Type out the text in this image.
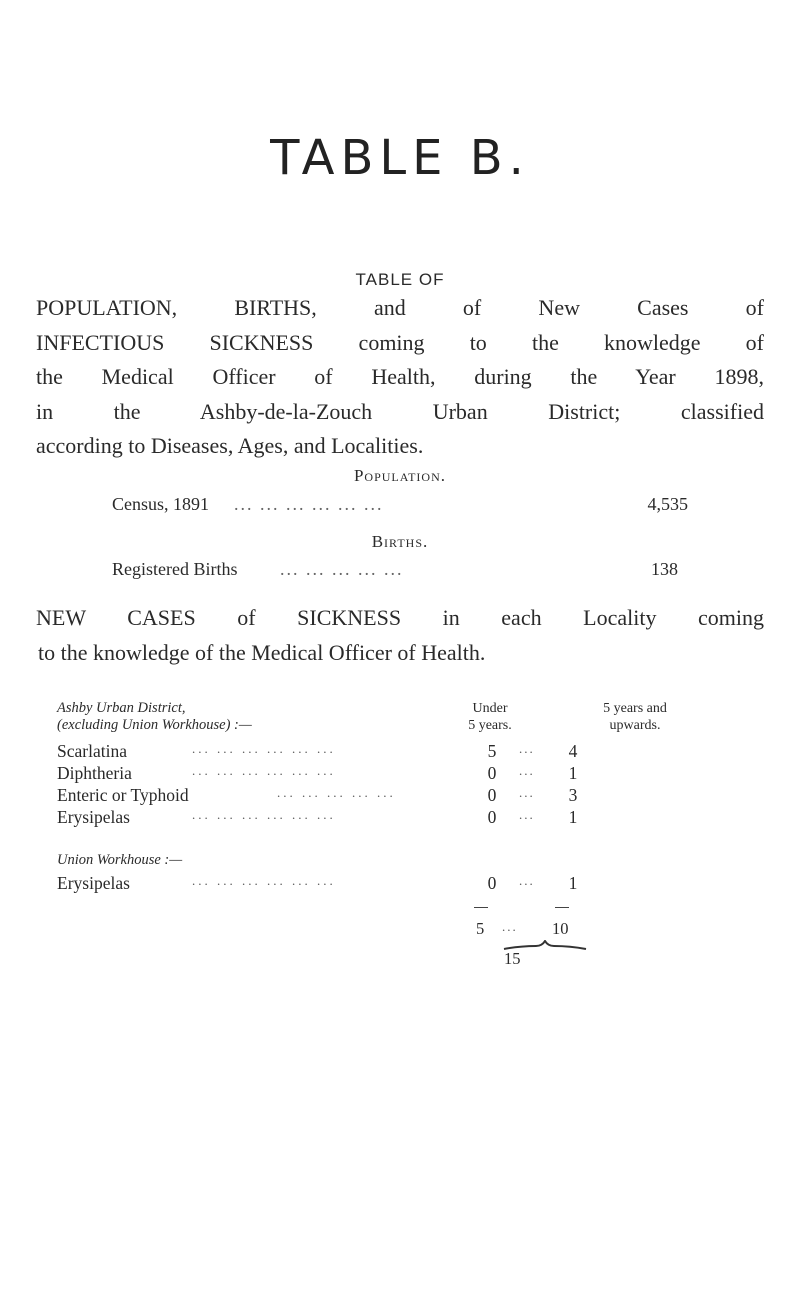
TABLE B.
TABLE OF
POPULATION, BIRTHS, and of New Cases of
INFECTIOUS SICKNESS coming to the knowledge of
the Medical Officer of Health, during the Year 1898,
in the Ashby-de-la-Zouch Urban District; classified
according to Diseases, Ages, and Localities.
Population.
Census, 1891 ... ... ... ... ... ...	4,535
Births.
Registered Births ... ... ... ... ...	138
NEW CASES of SICKNESS in each Locality coming
to the knowledge of the Medical Officer of Health.
Ashby Urban District,
(excluding Union Workhouse) :—
Under
5 years.
5 years and
upwards.
Scarlatina	... ... ... ... ... ...	5	...	4
Diphtheria	... ... ... ... ... ...	0	...	1
Enteric or Typhoid	... ... ... ... ...	0	...	3
Erysipelas	... ... ... ... ... ...	0	...	1
Union Workhouse :—
Erysipelas	... ... ... ... ... ...	0	...	1
5 ... 10
15
